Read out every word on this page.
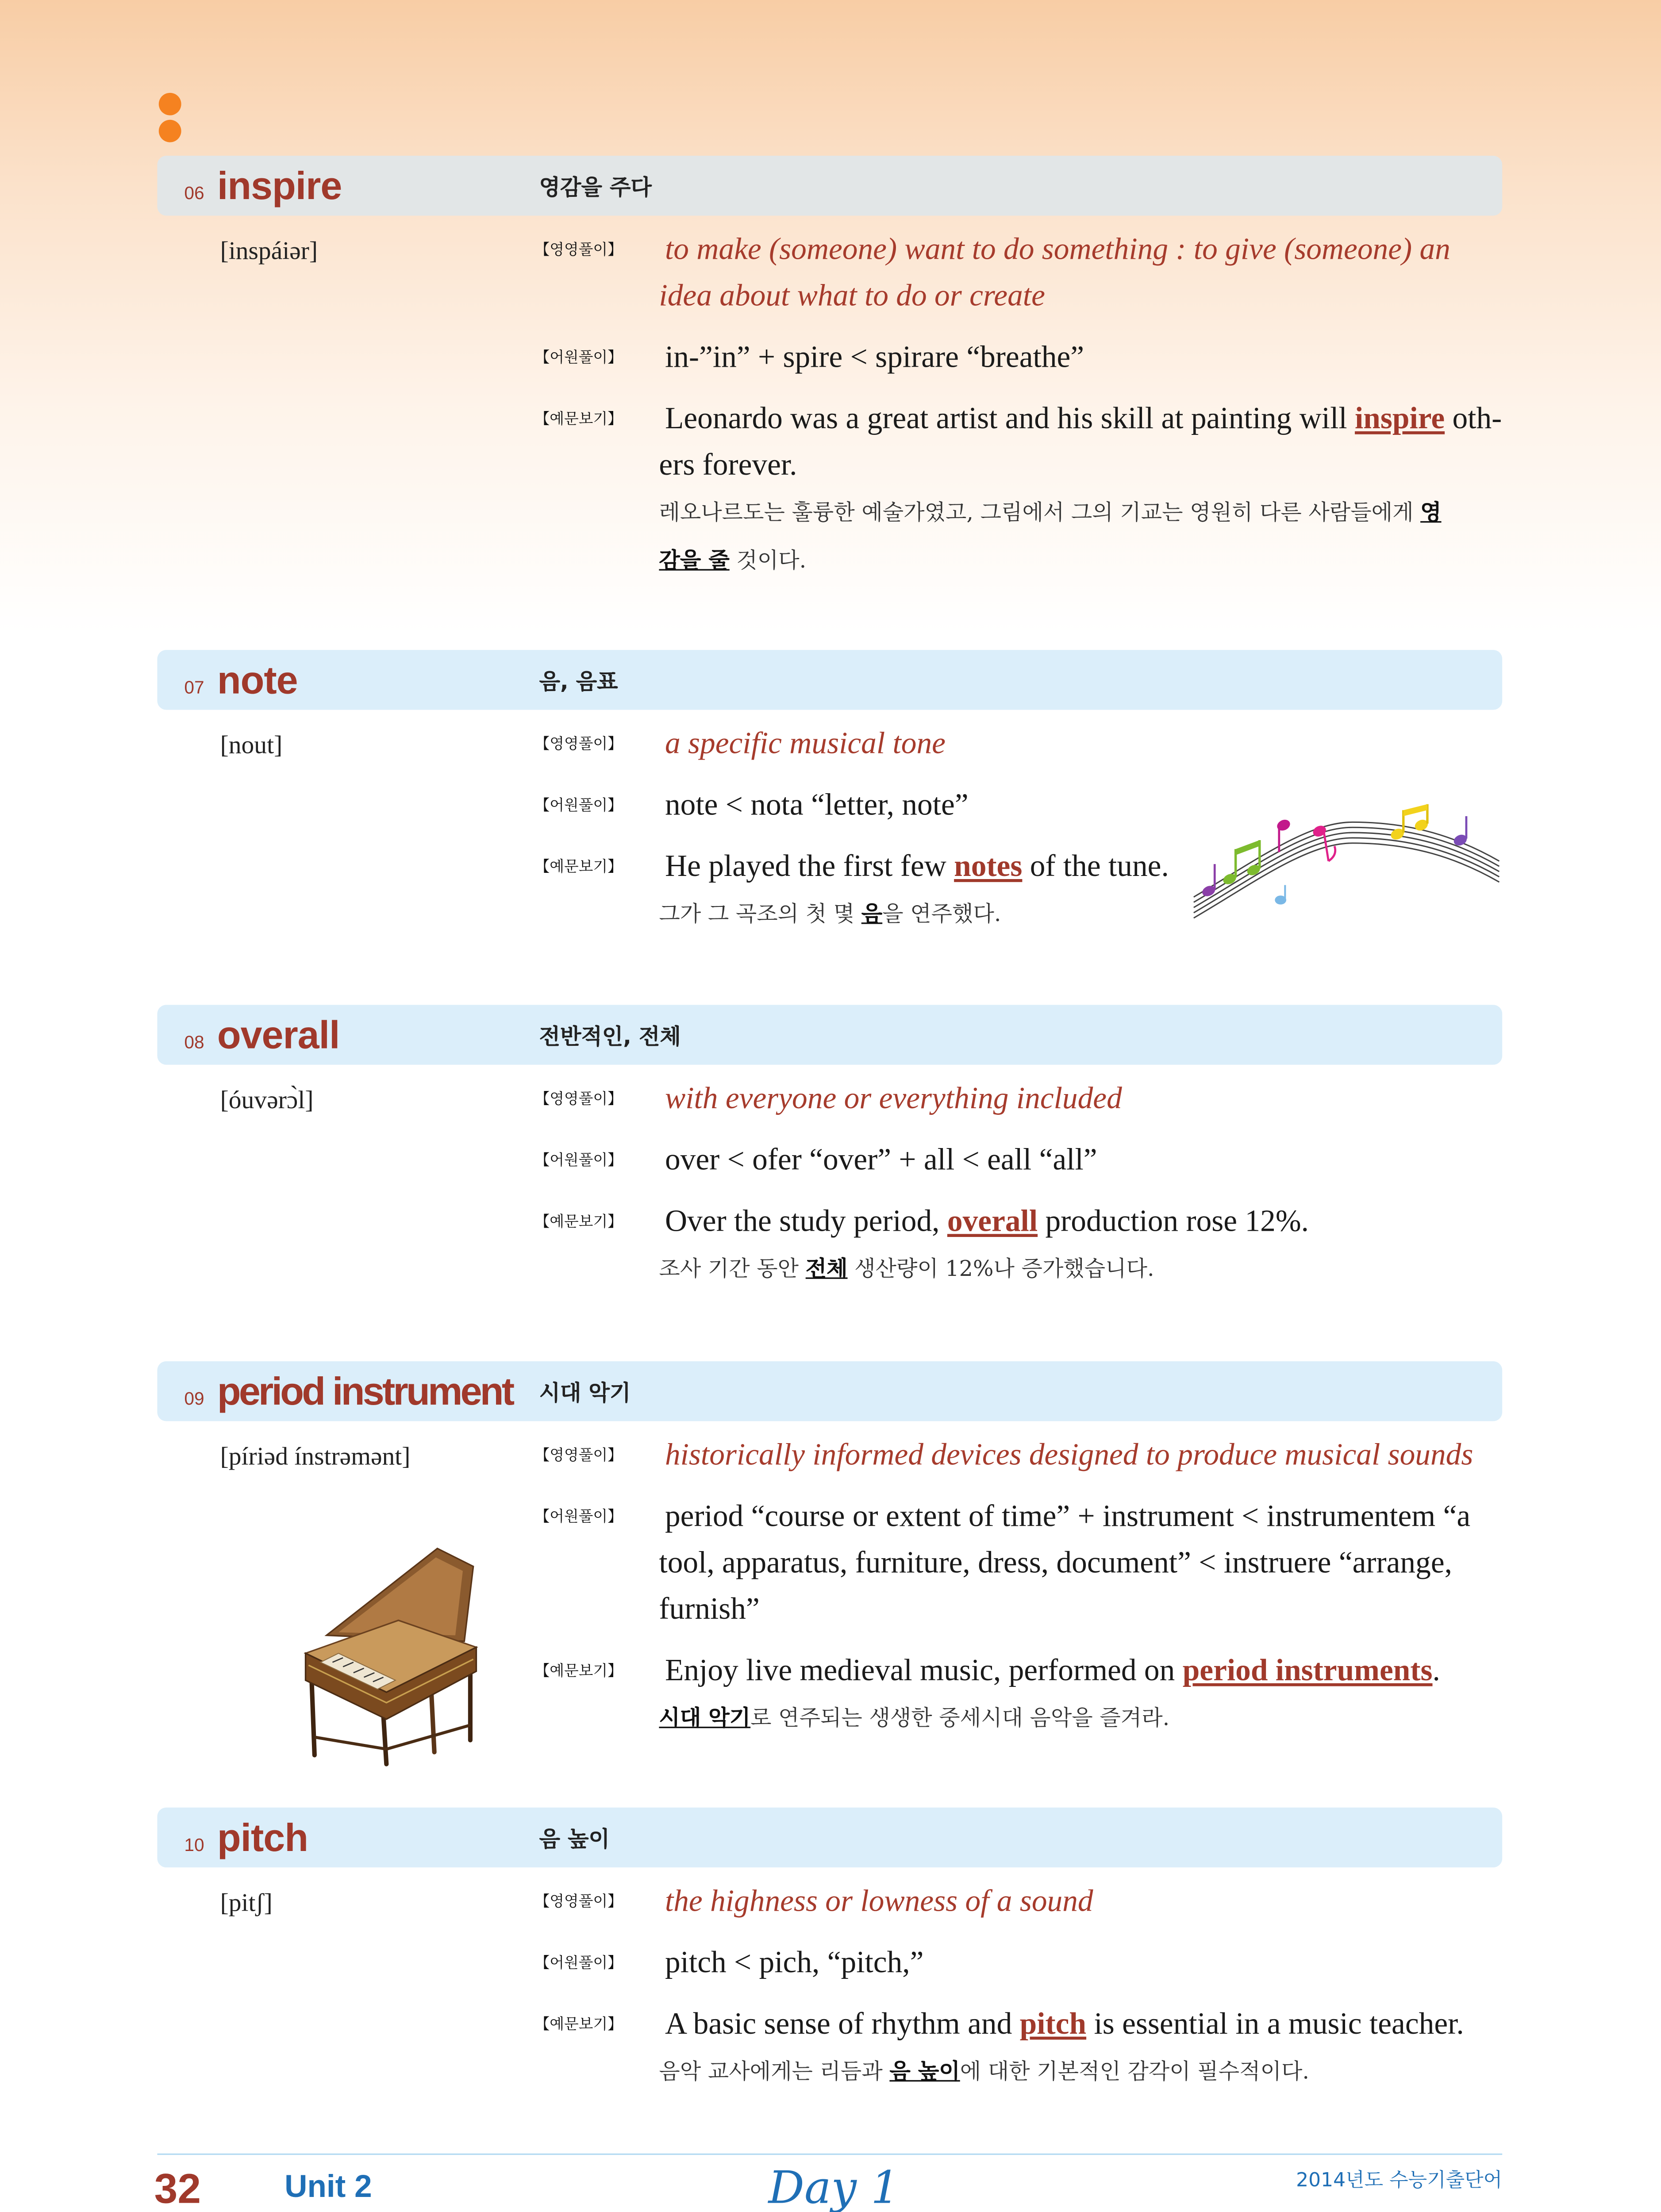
06 inspire	영감을 주다
[inspáiər]	【영영풀이】	to make (someone) want to do something : to give (someone) an
idea about what to do or create
【어원풀이】	in-”in” + spire < spirare “breathe”
【예문보기】	Leonardo was a great artist and his skill at painting will inspire oth-
ers forever.
레오나르도는 훌륭한 예술가였고, 그림에서 그의 기교는 영원히 다른 사람들에게 영
감을 줄 것이다.
07 note	음, 음표
[nout]	【영영풀이】	a specific musical tone
【어원풀이】	note < nota “letter, note”
【예문보기】	He played the first few notes of the tune.
그가 그 곡조의 첫 몇 음을 연주했다.
08 overall	전반적인, 전체
[óuvərɔ̀l]	【영영풀이】	with everyone or everything included
【어원풀이】	over < ofer “over” + all < eall “all”
【예문보기】	Over the study period, overall production rose 12%.
조사 기간 동안 전체 생산량이 12%나 증가했습니다.
09 period instrument	시대 악기
[píriəd ínstrəmənt]	【영영풀이】	historically informed devices designed to produce musical sounds
【어원풀이】	period “course or extent of time” + instrument < instrumentem “a
tool, apparatus, furniture, dress, document” < instruere “arrange,
furnish”
【예문보기】	Enjoy live medieval music, performed on period instruments.
시대 악기로 연주되는 생생한 중세시대 음악을 즐겨라.
10 pitch	음 높이
[pitʃ]	【영영풀이】	the highness or lowness of a sound
【어원풀이】	pitch < pich, “pitch,”
【예문보기】	A basic sense of rhythm and pitch is essential in a music teacher.
음악 교사에게는 리듬과 음 높이에 대한 기본적인 감각이 필수적이다.
32	Unit 2	Day 1	2014년도 수능기출단어
